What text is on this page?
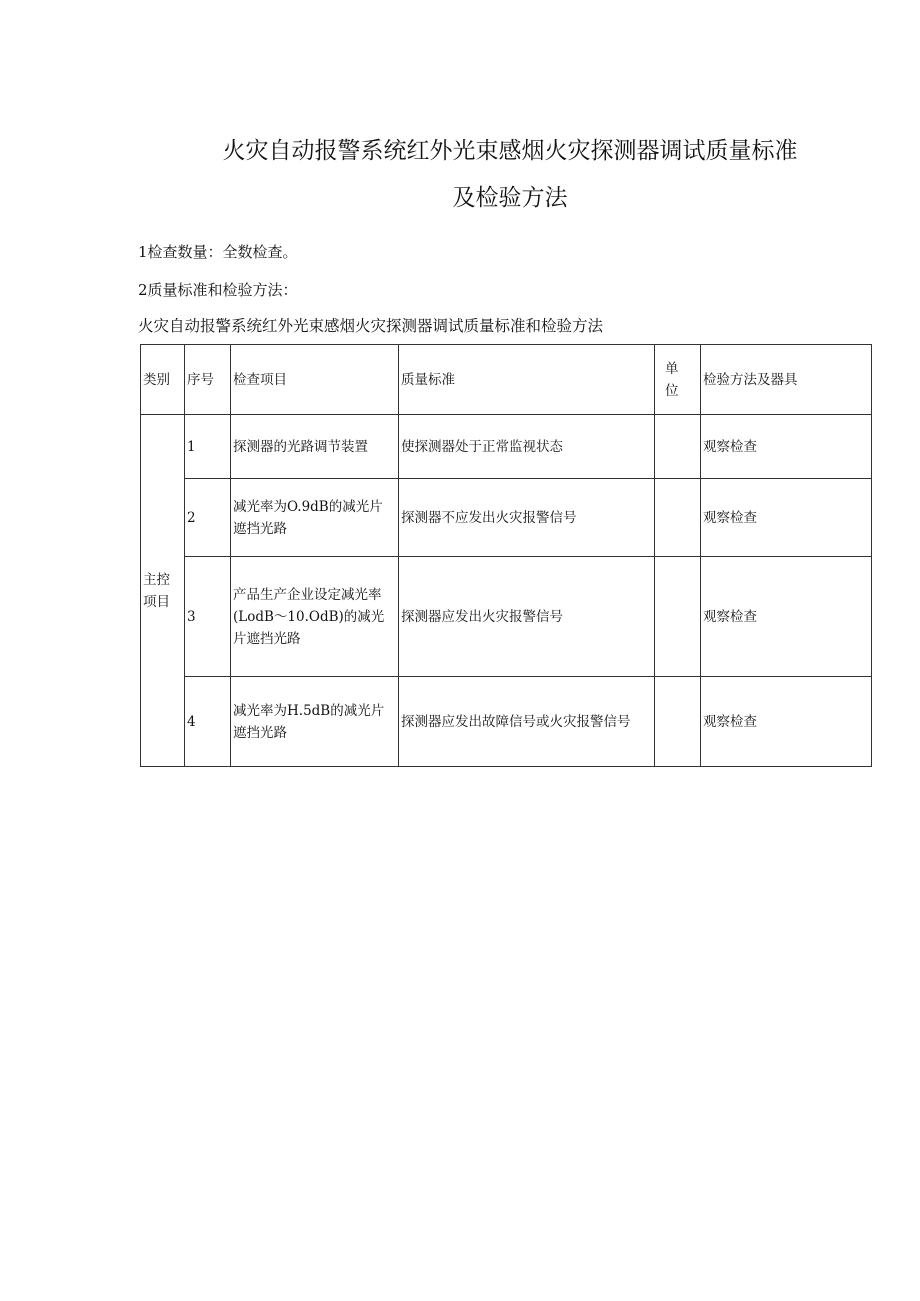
火灾自动报警系统红外光束感烟火灾探测器调试质量标准
及检验方法
1检查数量：全数检查。
2质量标准和检验方法：
火灾自动报警系统红外光束感烟火灾探测器调试质量标准和检验方法
类别	序号	检查项目	质量标准	单位	检验方法及器具
主控项目	1	探测器的光路调节装置	使探测器处于正常监视状态		观察检查
	2	减光率为O.9dB的减光片遮挡光路	探测器不应发出火灾报警信号		观察检查
	3	产品生产企业设定减光率(LodB～10.OdB)的减光片遮挡光路	探测器应发出火灾报警信号		观察检查
	4	减光率为H.5dB的减光片遮挡光路	探测器应发出故障信号或火灾报警信号		观察检查
